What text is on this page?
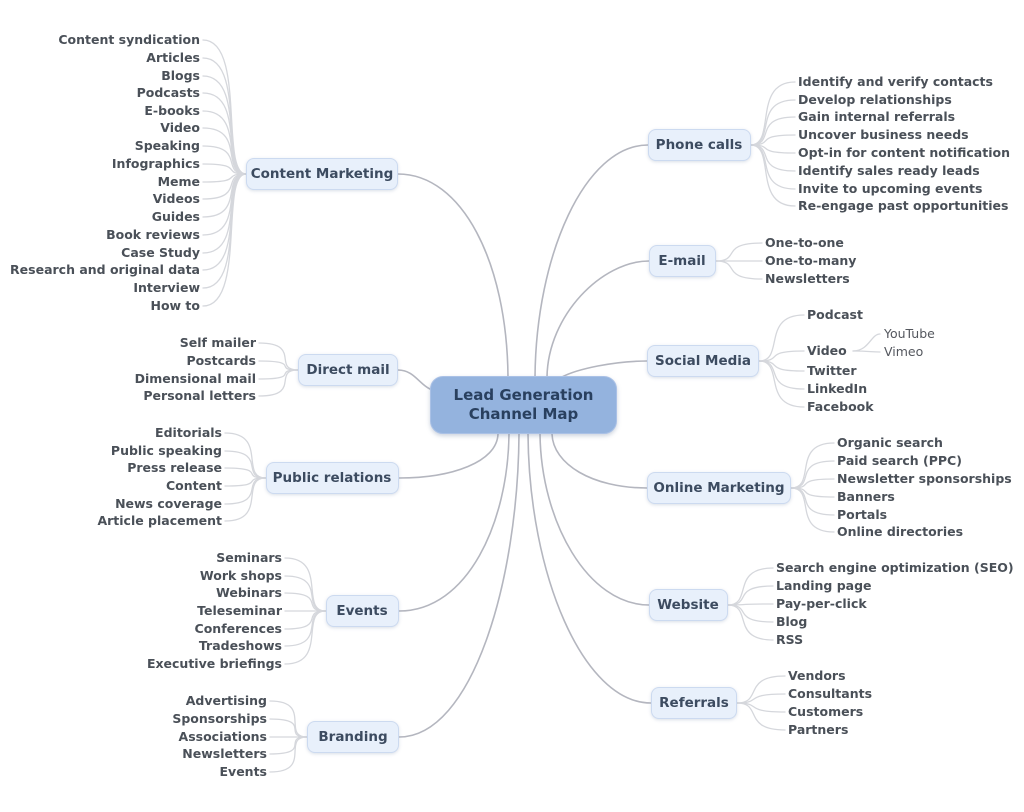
Lead Generation
Channel Map
Content Marketing
Content syndication
Articles
Blogs
Podcasts
E-books
Video
Speaking
Infographics
Meme
Videos
Guides
Book reviews
Case Study
Research and original data
Interview
How to
Direct mail
Self mailer
Postcards
Dimensional mail
Personal letters
Public relations
Editorials
Public speaking
Press release
Content
News coverage
Article placement
Events
Seminars
Work shops
Webinars
Teleseminar
Conferences
Tradeshows
Executive briefings
Branding
Advertising
Sponsorships
Associations
Newsletters
Events
Phone calls
Identify and verify contacts
Develop relationships
Gain internal referrals
Uncover business needs
Opt-in for content notification
Identify sales ready leads
Invite to upcoming events
Re-engage past opportunities
E-mail
One-to-one
One-to-many
Newsletters
Social Media
Podcast
Video
YouTube
Vimeo
Twitter
LinkedIn
Facebook
Online Marketing
Organic search
Paid search (PPC)
Newsletter sponsorships
Banners
Portals
Online directories
Website
Search engine optimization (SEO)
Landing page
Pay-per-click
Blog
RSS
Referrals
Vendors
Consultants
Customers
Partners
